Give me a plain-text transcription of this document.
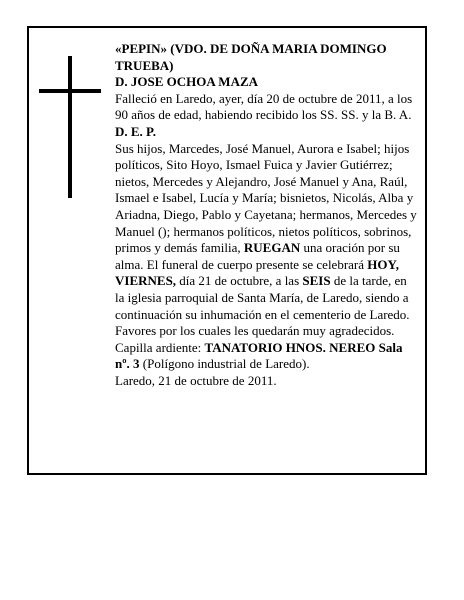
«PEPIN» (VDO. DE DOÑA MARIA DOMINGO TRUEBA)

D. JOSE OCHOA MAZA

Falleció en Laredo, ayer, día 20 de octubre de 2011, a los 90 años de edad, habiendo recibido los SS. SS. y la B. A.

D. E. P.

Sus hijos, Marcedes, José Manuel, Aurora e Isabel; hijos políticos, Sito Hoyo, Ismael Fuica y Javier Gutiérrez; nietos, Mercedes y Alejandro, José Manuel y Ana, Raúl, Ismael e Isabel, Lucía y María; bisnietos, Nicolás, Alba y Ariadna, Diego, Pablo y Cayetana; hermanos, Mercedes y Manuel (); hermanos políticos, nietos políticos, sobrinos, primos y demás familia, RUEGAN una oración por su alma. El funeral de cuerpo presente se celebrará HOY, VIERNES, día 21 de octubre, a las SEIS de la tarde, en la iglesia parroquial de Santa María, de Laredo, siendo a continuación su inhumación en el cementerio de Laredo. Favores por los cuales les quedarán muy agradecidos. Capilla ardiente: TANATORIO HNOS. NEREO Sala nº. 3 (Polígono industrial de Laredo).

Laredo, 21 de octubre de 2011.
